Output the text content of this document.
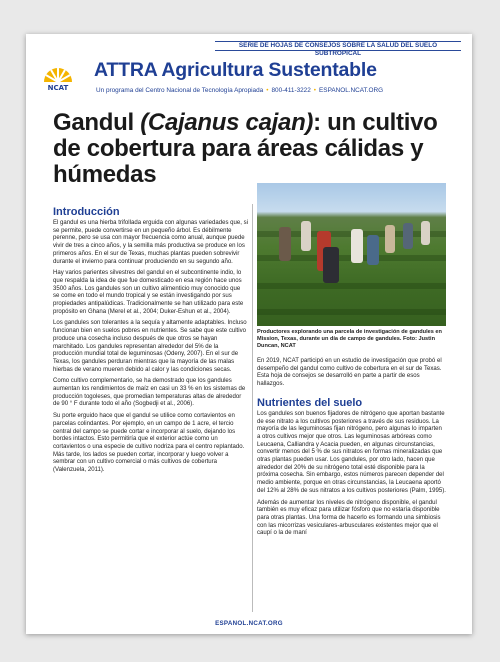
SERIE DE HOJAS DE CONSEJOS SOBRE LA SALUD DEL SUELO SUBTROPICAL
NCAT
ATTRA Agricultura Sustentable
Un programa del Centro Nacional de Tecnología Apropiada • 800-411-3222 • ESPANOL.NCAT.ORG
Gandul (Cajanus cajan): un cultivo de cobertura para áreas cálidas y húmedas
Introducción

El gandul es una hierba trifollada erguida con algunas variedades que, si se permite, puede convertirse en un pequeño árbol. Es débilmente perenne, pero se usa con mayor frecuencia como anual, aunque puede vivir de tres a cinco años, y la semilla más productiva se produce en los primeros años. En el sur de Texas, muchas plantas pueden sobrevivir durante el invierno para continuar produciendo en su segundo año.

Hay varios parientes silvestres del gandul en el subcontinente indio, lo que respalda la idea de que fue domesticado en esa región hace unos 3500 años. Los gandules son un cultivo alimenticio muy conocido que se come en todo el mundo tropical y se están investigando por sus propiedades antipalúdicas. Tradicionalmente se han utilizado para este propósito en Ghana (Merel et al., 2004; Duker-Eshun et al., 2004).

Los gandules son tolerantes a la sequía y altamente adaptables. Incluso funcionan bien en suelos pobres en nutrientes. Se sabe que este cultivo produce una cosecha incluso después de que otros se hayan marchitado. Los gandules representan alrededor del 5% de la producción mundial total de leguminosas (Odeny, 2007). En el sur de Texas, los gandules perduran mientras que la mayoría de las malas hierbas de verano mueren debido al calor y las condiciones secas.

Como cultivo complementario, se ha demostrado que los gandules aumentan los rendimientos de maíz en casi un 33 % en los sistemas de producción togoleses, que promedian temperaturas altas de alrededor de 90 ° F durante todo el año (Sogbedji et al., 2006).

Su porte erguido hace que el gandul se utilice como cortavientos en parcelas colindantes. Por ejemplo, en un campo de 1 acre, el tercio central del campo se puede cortar e incorporar al suelo, dejando los bordes intactos. Esto permitiría que el exterior actúe como un cortavientos o una especie de cultivo nodriza para el centro replantado. Más tarde, los lados se pueden cortar, incorporar y luego volver a sembrar con un cultivo comercial o más cultivos de cobertura (Valenzuela, 2011).

Productores explorando una parcela de investigación de gandules en Mission, Texas, durante un día de campo de gandules. Foto: Justin Duncan, NCAT

En 2019, NCAT participó en un estudio de investigación que probó el desempeño del gandul como cultivo de cobertura en el sur de Texas. Esta hoja de consejos se desarrolló en parte a partir de esos hallazgos.

Nutrientes del suelo

Los gandules son buenos fijadores de nitrógeno que aportan bastante de ese nitrato a los cultivos posteriores a través de sus residuos. La mayoría de las leguminosas fijan nitrógeno, pero algunas lo imparten a otros cultivos mejor que otros. Las leguminosas arbóreas como Leucaena, Calliandra y Acacia pueden, en algunas circunstancias, convertir menos del 5 % de sus nitratos en formas mineralizadas que otras plantas pueden usar. Los gandules, por otro lado, hacen que alrededor del 20% de su nitrógeno total esté disponible para la próxima cosecha. Sin embargo, estos números parecen depender del medio ambiente, porque en otras circunstancias, la Leucaena aportó del 12% al 28% de sus nitratos a los cultivos posteriores (Palm, 1995).

Además de aumentar los niveles de nitrógeno disponible, el gandul también es muy eficaz para utilizar fósforo que no estaría disponible para otras plantas. Una forma de hacerlo es formando una simbiosis con las micorrizas vesiculares-arbusculares existentes mejor que el caupí o la de maní

ESPANOL.NCAT.ORG
